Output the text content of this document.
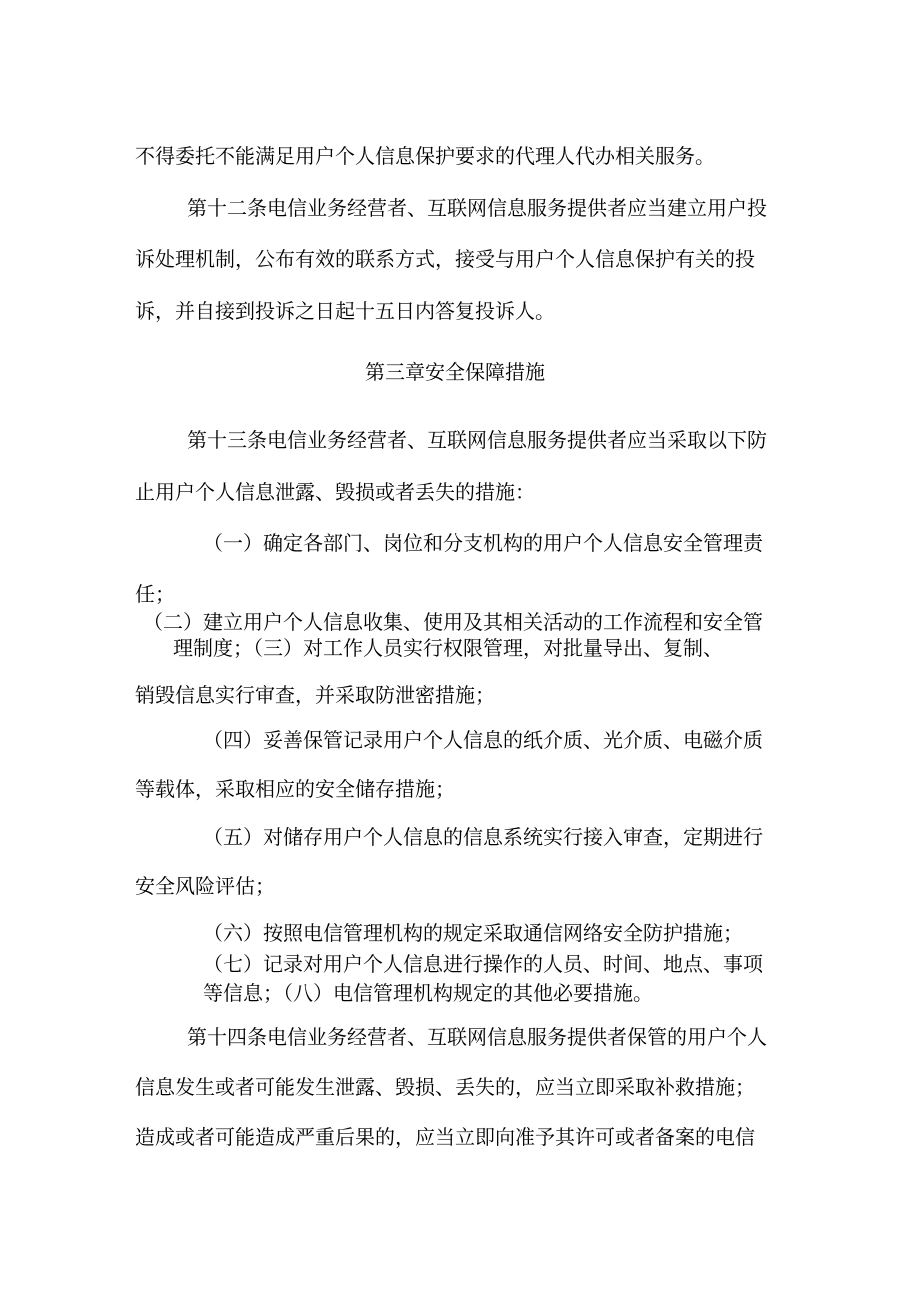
不得委托不能满足用户个人信息保护要求的代理人代办相关服务。

第十二条电信业务经营者、互联网信息服务提供者应当建立用户投

诉处理机制，公布有效的联系方式，接受与用户个人信息保护有关的投

诉，并自接到投诉之日起十五日内答复投诉人。

第三章安全保障措施

第十三条电信业务经营者、互联网信息服务提供者应当采取以下防

止用户个人信息泄露、毁损或者丢失的措施：

（一）确定各部门、岗位和分支机构的用户个人信息安全管理责

任；

（二）建立用户个人信息收集、使用及其相关活动的工作流程和安全管

理制度；（三）对工作人员实行权限管理，对批量导出、复制、

销毁信息实行审查，并采取防泄密措施；

（四）妥善保管记录用户个人信息的纸介质、光介质、电磁介质

等载体，采取相应的安全储存措施；

（五）对储存用户个人信息的信息系统实行接入审查，定期进行

安全风险评估；

（六）按照电信管理机构的规定采取通信网络安全防护措施；

（七）记录对用户个人信息进行操作的人员、时间、地点、事项

等信息；（八）电信管理机构规定的其他必要措施。

第十四条电信业务经营者、互联网信息服务提供者保管的用户个人

信息发生或者可能发生泄露、毁损、丢失的，应当立即采取补救措施；

造成或者可能造成严重后果的，应当立即向准予其许可或者备案的电信
